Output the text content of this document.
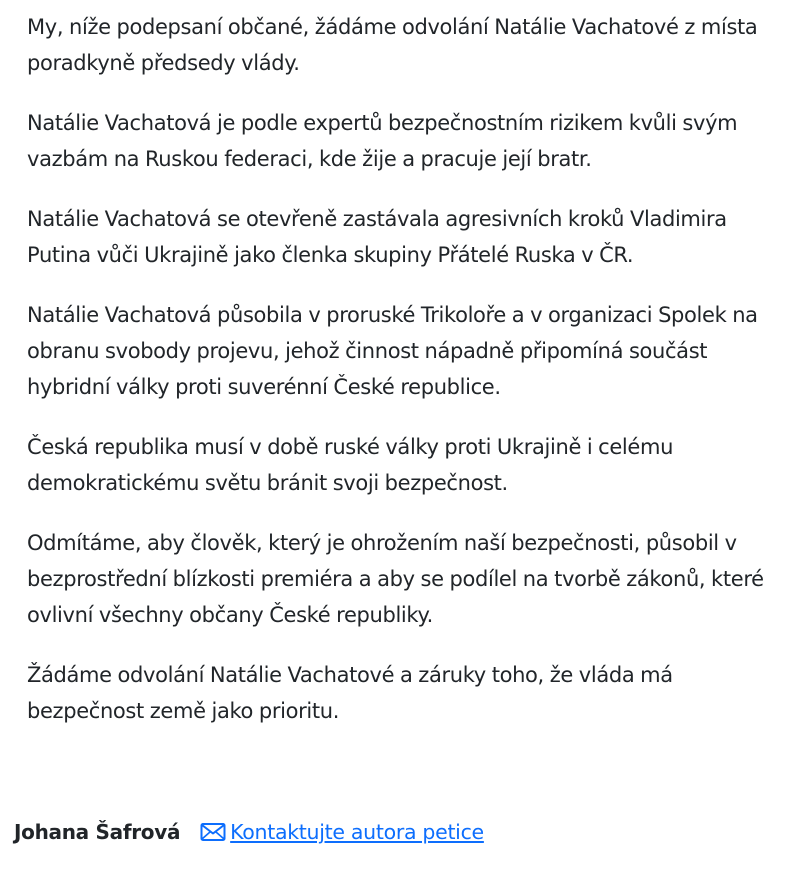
My, níže podepsaní občané, žádáme odvolání Natálie Vachatové z místa poradkyně předsedy vlády.

Natálie Vachatová je podle expertů bezpečnostním rizikem kvůli svým vazbám na Ruskou federaci, kde žije a pracuje její bratr.

Natálie Vachatová se otevřeně zastávala agresivních kroků Vladimira Putina vůči Ukrajině jako členka skupiny Přátelé Ruska v ČR.

Natálie Vachatová působila v proruské Trikoloře a v organizaci Spolek na obranu svobody projevu, jehož činnost nápadně připomíná součást hybridní války proti suverénní České republice.

Česká republika musí v době ruské války proti Ukrajině i celému demokratickému světu bránit svoji bezpečnost.

Odmítáme, aby člověk, který je ohrožením naší bezpečnosti, působil v bezprostřední blízkosti premiéra a aby se podílel na tvorbě zákonů, které ovlivní všechny občany České republiky.

Žádáme odvolání Natálie Vachatové a záruky toho, že vláda má bezpečnost země jako prioritu.

Johana Šafrová Kontaktujte autora petice
